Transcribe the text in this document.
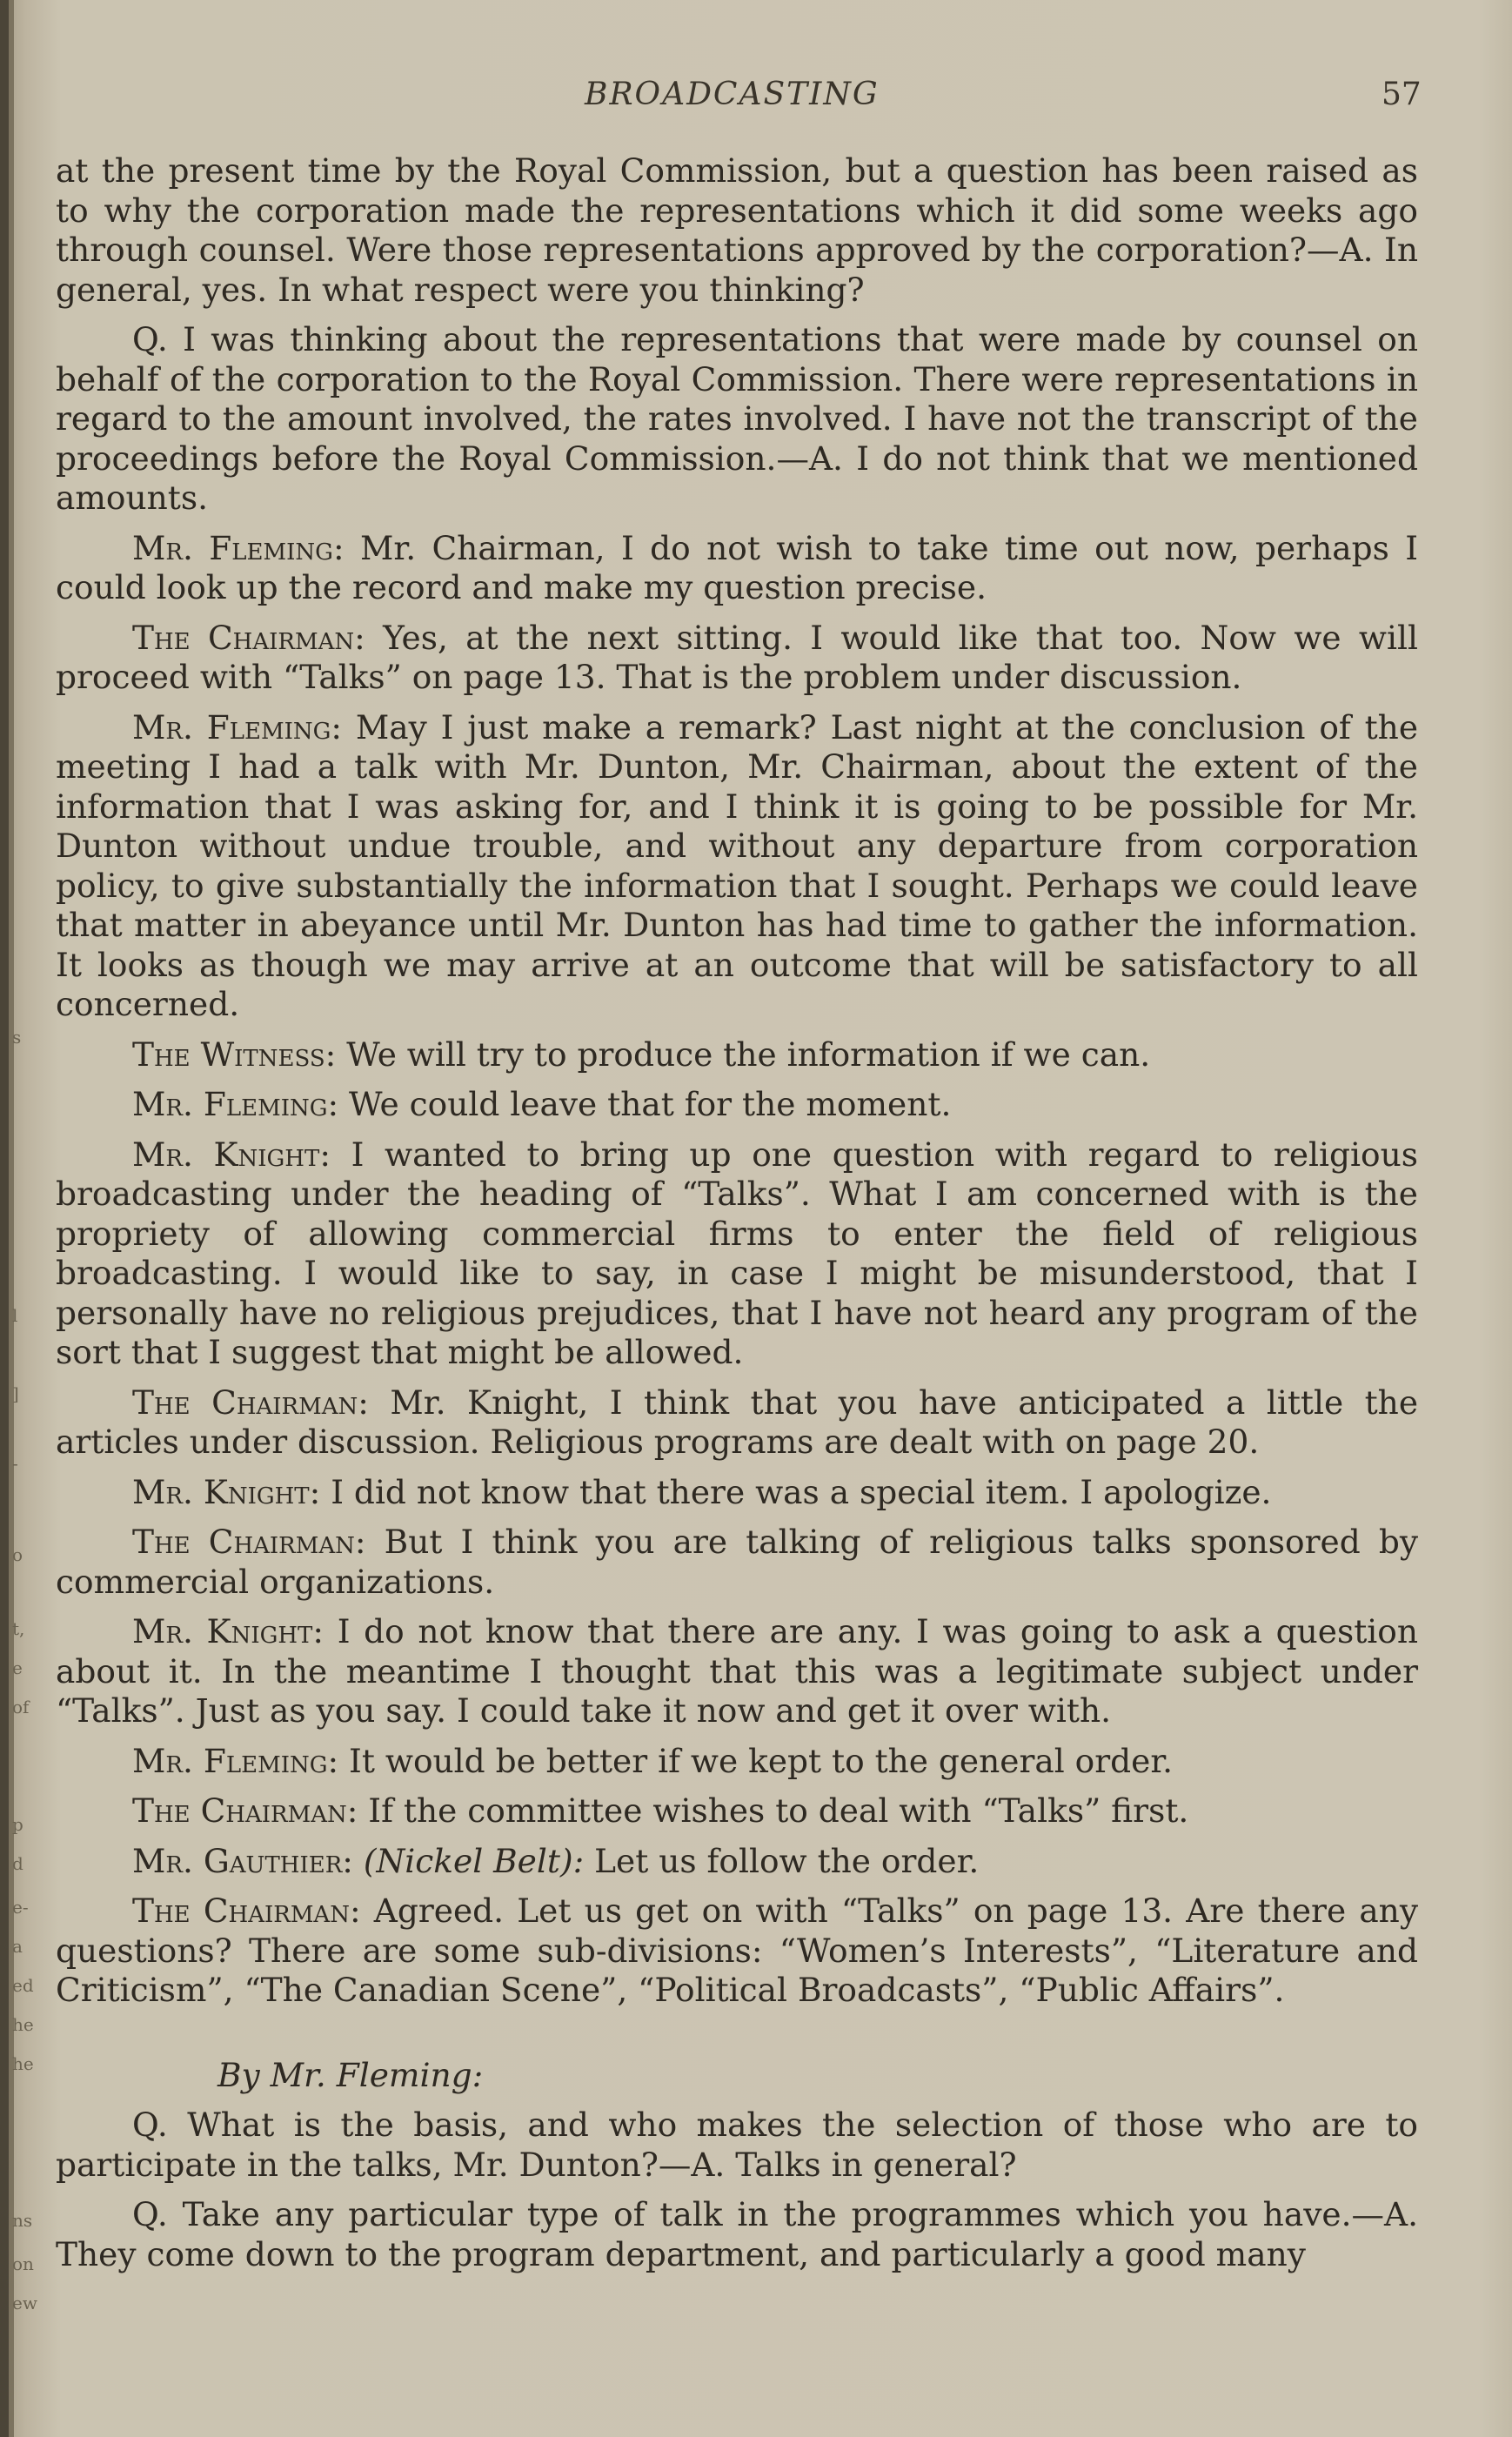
s
l
]
-
o
t,
e
of
p
d
e-
a
ed
he
he
ns
on
ew
BROADCASTING	57

at the present time by the Royal Commission, but a question has been raised as to why the corporation made the representations which it did some weeks ago through counsel. Were those representations approved by the corporation?—A. In general, yes. In what respect were you thinking?

Q. I was thinking about the representations that were made by counsel on behalf of the corporation to the Royal Commission. There were representations in regard to the amount involved, the rates involved. I have not the transcript of the proceedings before the Royal Commission.—A. I do not think that we mentioned amounts.

Mr. Fleming: Mr. Chairman, I do not wish to take time out now, perhaps I could look up the record and make my question precise.

The Chairman: Yes, at the next sitting. I would like that too. Now we will proceed with “Talks” on page 13. That is the problem under discussion.

Mr. Fleming: May I just make a remark? Last night at the conclusion of the meeting I had a talk with Mr. Dunton, Mr. Chairman, about the extent of the information that I was asking for, and I think it is going to be possible for Mr. Dunton without undue trouble, and without any departure from corporation policy, to give substantially the information that I sought. Perhaps we could leave that matter in abeyance until Mr. Dunton has had time to gather the information. It looks as though we may arrive at an outcome that will be satisfactory to all concerned.

The Witness: We will try to produce the information if we can.

Mr. Fleming: We could leave that for the moment.

Mr. Knight: I wanted to bring up one question with regard to religious broadcasting under the heading of “Talks”. What I am concerned with is the propriety of allowing commercial firms to enter the field of religious broadcasting. I would like to say, in case I might be misunderstood, that I personally have no religious prejudices, that I have not heard any program of the sort that I suggest that might be allowed.

The Chairman: Mr. Knight, I think that you have anticipated a little the articles under discussion. Religious programs are dealt with on page 20.

Mr. Knight: I did not know that there was a special item. I apologize.

The Chairman: But I think you are talking of religious talks sponsored by commercial organizations.

Mr. Knight: I do not know that there are any. I was going to ask a question about it. In the meantime I thought that this was a legitimate subject under “Talks”. Just as you say. I could take it now and get it over with.

Mr. Fleming: It would be better if we kept to the general order.

The Chairman: If the committee wishes to deal with “Talks” first.

Mr. Gauthier: (Nickel Belt): Let us follow the order.

The Chairman: Agreed. Let us get on with “Talks” on page 13. Are there any questions? There are some sub-divisions: “Women’s Interests”, “Literature and Criticism”, “The Canadian Scene”, “Political Broadcasts”, “Public Affairs”.

By Mr. Fleming:

Q. What is the basis, and who makes the selection of those who are to participate in the talks, Mr. Dunton?—A. Talks in general?

Q. Take any particular type of talk in the programmes which you have.—A. They come down to the program department, and particularly a good many
